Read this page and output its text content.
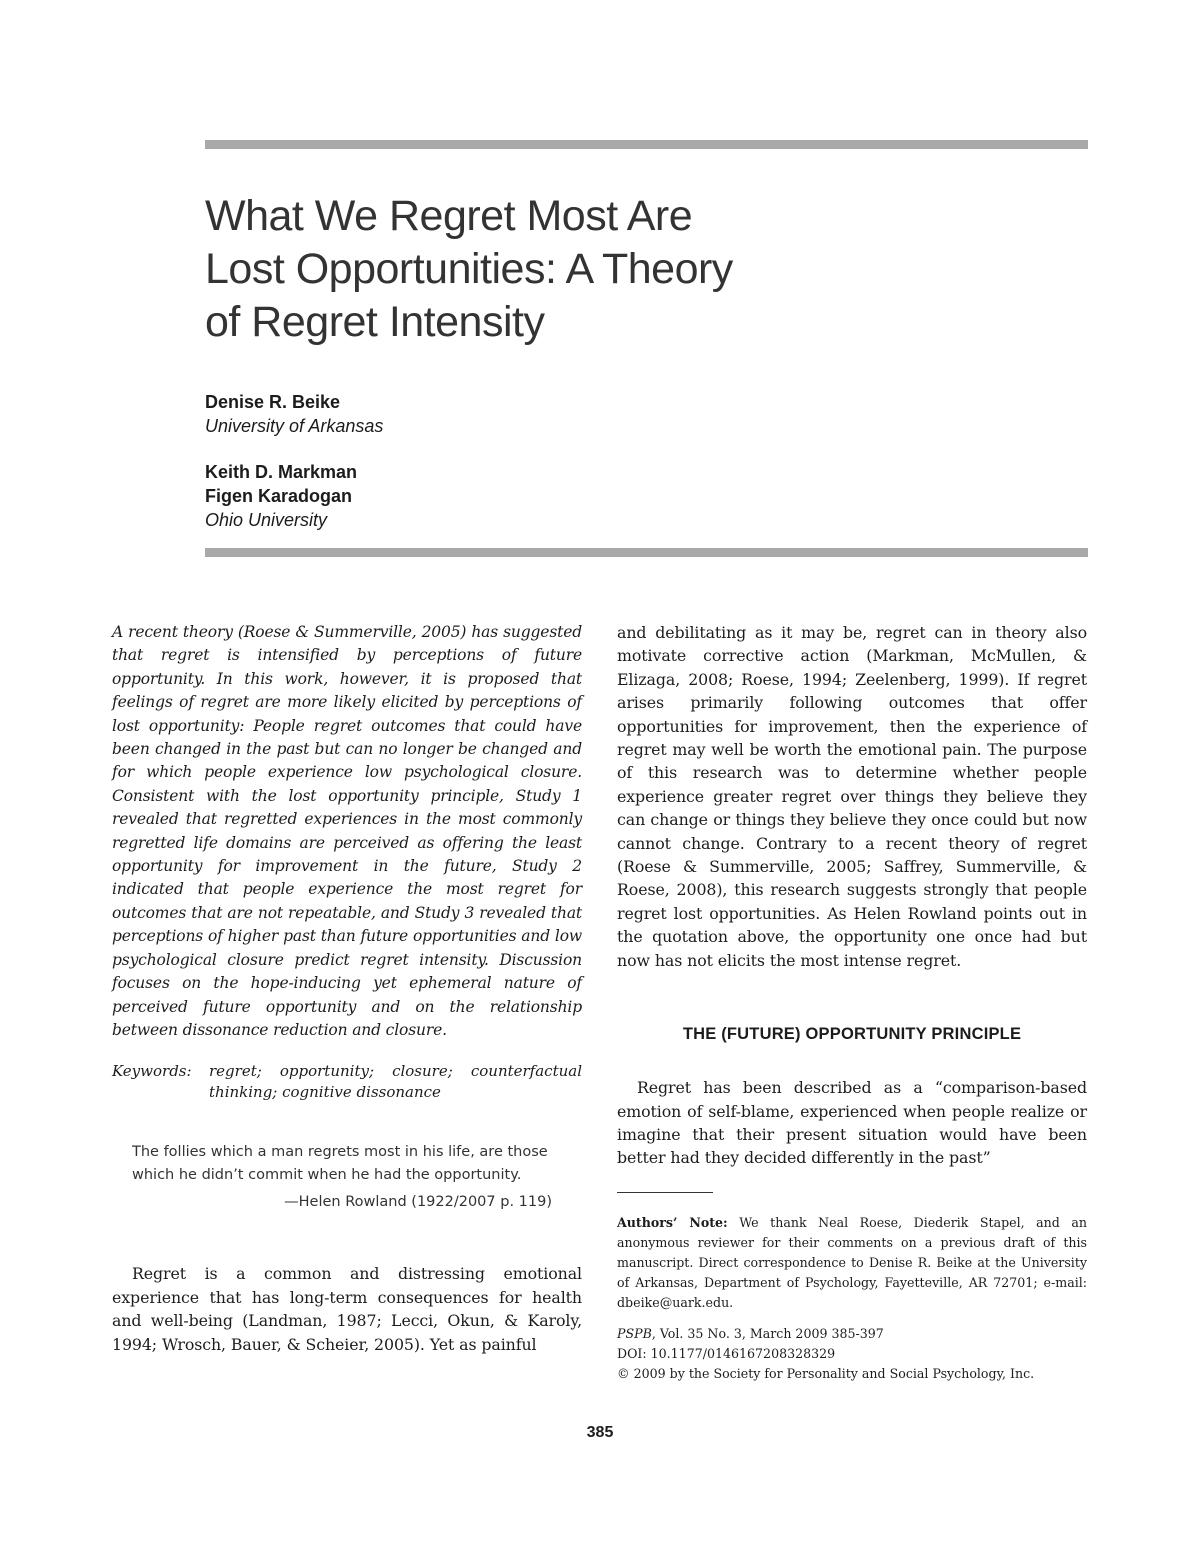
What We Regret Most Are
Lost Opportunities: A Theory
of Regret Intensity
Denise R. Beike
University of Arkansas
Keith D. Markman
Figen Karadogan
Ohio University

A recent theory (Roese & Summerville, 2005) has suggested that regret is intensified by perceptions of future opportunity. In this work, however, it is proposed that feelings of regret are more likely elicited by perceptions of lost opportunity: People regret outcomes that could have been changed in the past but can no longer be changed and for which people experience low psychological closure. Consistent with the lost opportunity principle, Study 1 revealed that regretted experiences in the most commonly regretted life domains are perceived as offering the least opportunity for improvement in the future, Study 2 indicated that people experience the most regret for outcomes that are not repeatable, and Study 3 revealed that perceptions of higher past than future opportunities and low psychological closure predict regret intensity. Discussion focuses on the hope-inducing yet ephemeral nature of perceived future opportunity and on the relationship between dissonance reduction and closure.

Keywords:	regret; opportunity; closure; counterfactual thinking; cognitive dissonance
The follies which a man regrets most in his life, are those which he didn’t commit when he had the opportunity.
—Helen Rowland (1922/2007 p. 119)

Regret is a common and distressing emotional experience that has long-term consequences for health and well-being (Landman, 1987; Lecci, Okun, & Karoly, 1994; Wrosch, Bauer, & Scheier, 2005). Yet as painful

and debilitating as it may be, regret can in theory also motivate corrective action (Markman, McMullen, & Elizaga, 2008; Roese, 1994; Zeelenberg, 1999). If regret arises primarily following outcomes that offer opportunities for improvement, then the experience of regret may well be worth the emotional pain. The purpose of this research was to determine whether people experience greater regret over things they believe they can change or things they believe they once could but now cannot change. Contrary to a recent theory of regret (Roese & Summerville, 2005; Saffrey, Summerville, & Roese, 2008), this research suggests strongly that people regret lost opportunities. As Helen Rowland points out in the quotation above, the opportunity one once had but now has not elicits the most intense regret.

THE (FUTURE) OPPORTUNITY PRINCIPLE

Regret has been described as a “comparison-based emotion of self-blame, experienced when people realize or imagine that their present situation would have been better had they decided differently in the past”

Authors’ Note: We thank Neal Roese, Diederik Stapel, and an anonymous reviewer for their comments on a previous draft of this manuscript. Direct correspondence to Denise R. Beike at the University of Arkansas, Department of Psychology, Fayetteville, AR 72701; e-mail: dbeike@uark.edu.
PSPB, Vol. 35 No. 3, March 2009 385-397
DOI: 10.1177/0146167208328329
© 2009 by the Society for Personality and Social Psychology, Inc.
385
